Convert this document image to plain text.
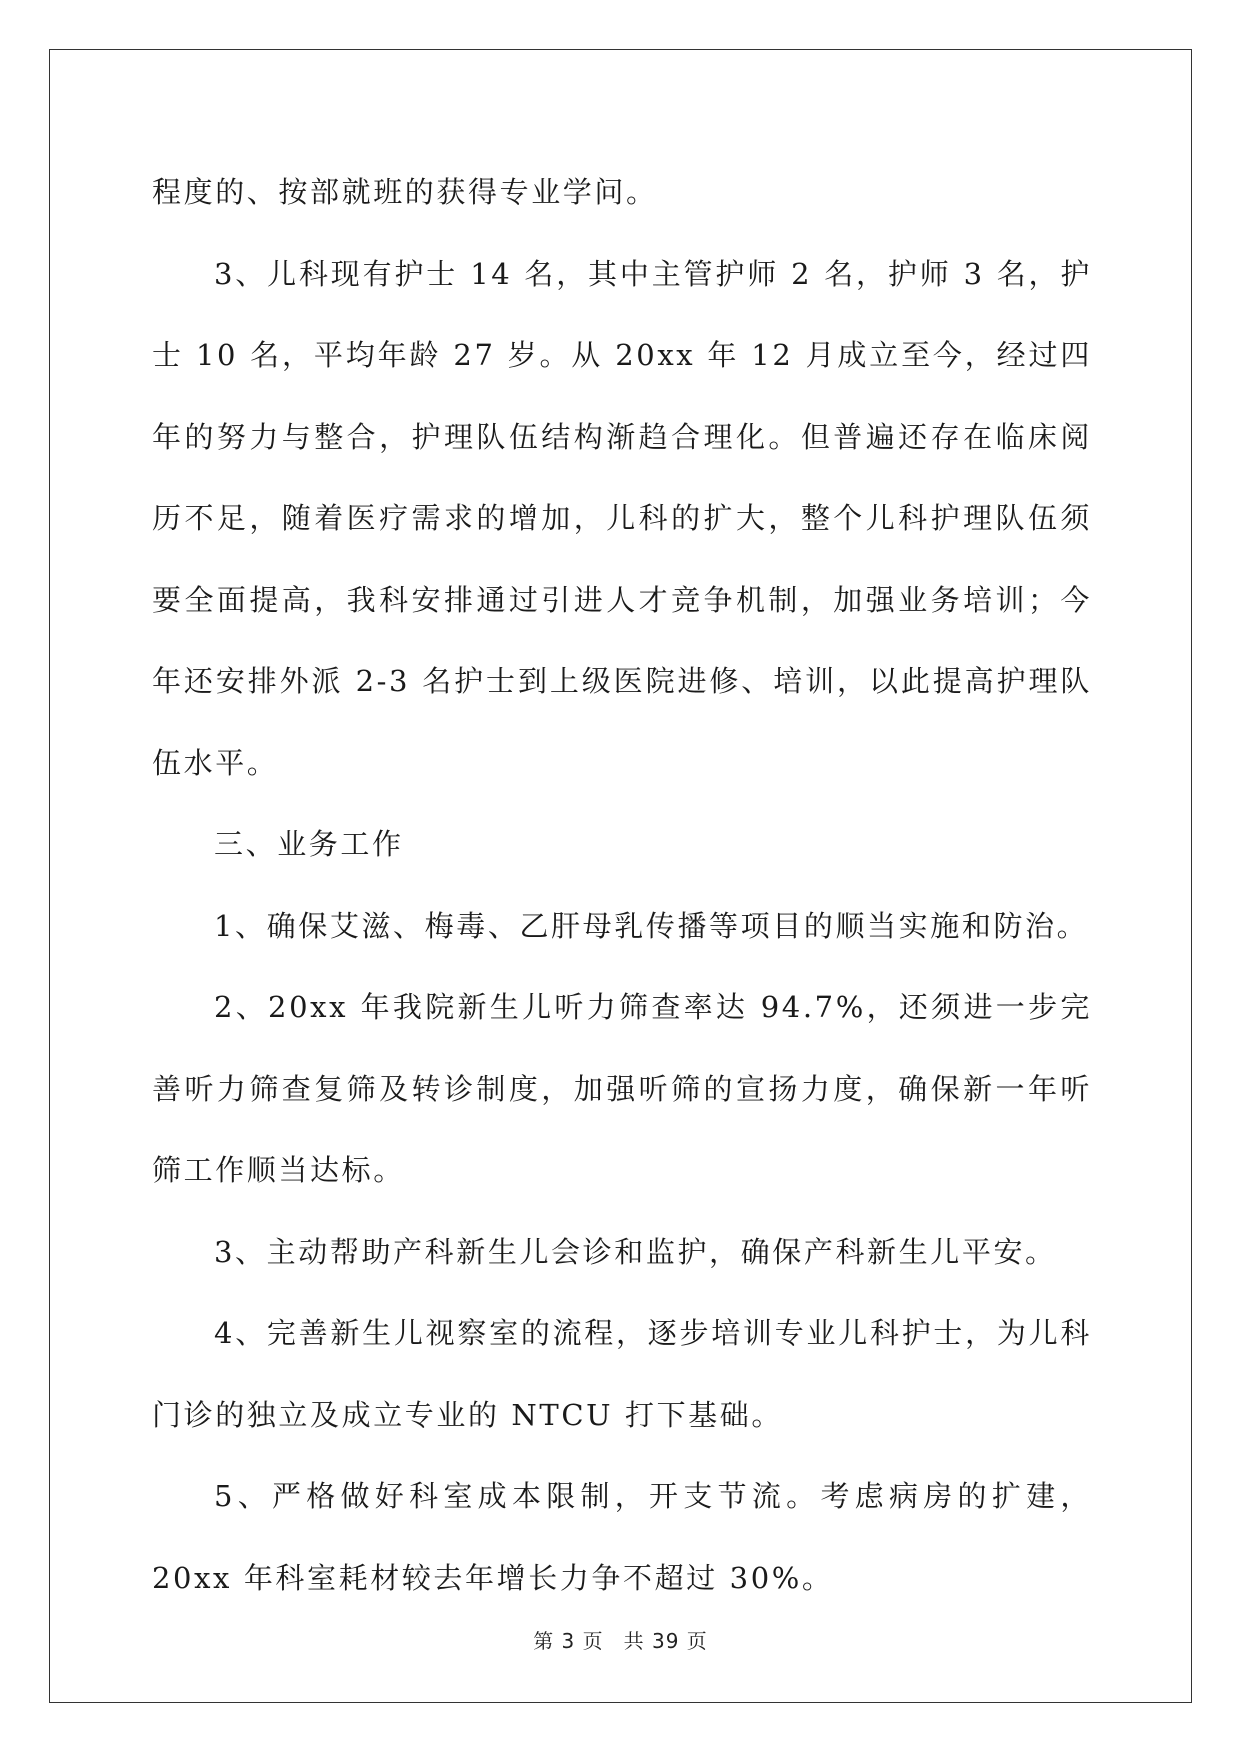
程度的、按部就班的获得专业学问。

3、儿科现有护士 14 名，其中主管护师 2 名，护师 3 名，护士 10 名，平均年龄 27 岁。从 20xx 年 12 月成立至今，经过四年的努力与整合，护理队伍结构渐趋合理化。但普遍还存在临床阅历不足，随着医疗需求的增加，儿科的扩大，整个儿科护理队伍须要全面提高，我科安排通过引进人才竞争机制，加强业务培训；今年还安排外派 2-3 名护士到上级医院进修、培训，以此提高护理队伍水平。

三、业务工作

1、确保艾滋、梅毒、乙肝母乳传播等项目的顺当实施和防治。

2、20xx 年我院新生儿听力筛查率达 94.7%，还须进一步完善听力筛查复筛及转诊制度，加强听筛的宣扬力度，确保新一年听筛工作顺当达标。

3、主动帮助产科新生儿会诊和监护，确保产科新生儿平安。

4、完善新生儿视察室的流程，逐步培训专业儿科护士，为儿科门诊的独立及成立专业的 NTCU 打下基础。

5、严格做好科室成本限制，开支节流。考虑病房的扩建，20xx 年科室耗材较去年增长力争不超过 30%。

第 3 页 共 39 页
